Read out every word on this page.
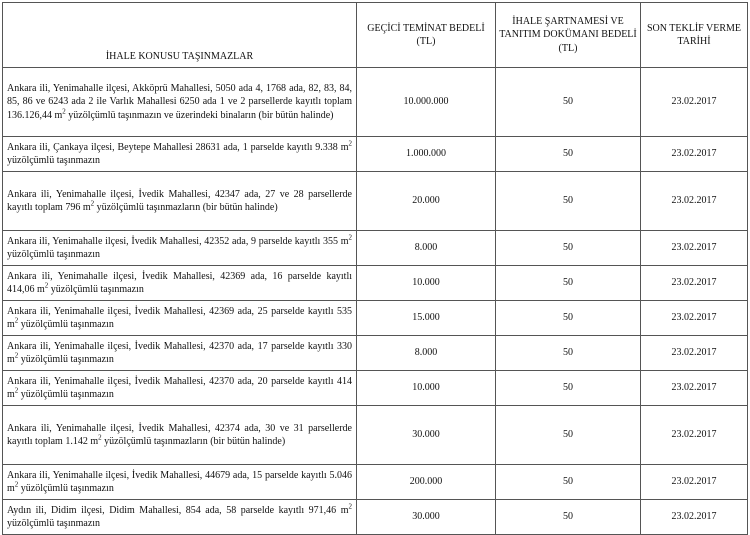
İHALE KONUSU TAŞINMAZLAR	GEÇİCİ TEMİNAT BEDELİ (TL)	İHALE ŞARTNAMESİ VE TANITIM DOKÜMANI BEDELİ (TL)	SON TEKLİF VERME TARİHİ
Ankara ili, Yenimahalle ilçesi, Akköprü Mahallesi, 5050 ada 4, 1768 ada, 82, 83, 84, 85, 86 ve 6243 ada 2 ile Varlık Mahallesi 6250 ada 1 ve 2 parsellerde kayıtlı toplam 136.126,44 $m^2$ yüzölçümlü taşınmazın ve üzerindeki binaların (bir bütün halinde)	10.000.000	50	23.02.2017
Ankara ili, Çankaya ilçesi, Beytepe Mahallesi 28631 ada, 1 parselde kayıtlı 9.338 $m^2$ yüzölçümlü taşınmazın	1.000.000	50	23.02.2017
Ankara ili, Yenimahalle ilçesi, İvedik Mahallesi, 42347 ada, 27 ve 28 parsellerde kayıtlı toplam 796 $m^2$ yüzölçümlü taşınmazların (bir bütün halinde)	20.000	50	23.02.2017
Ankara ili, Yenimahalle ilçesi, İvedik Mahallesi, 42352 ada, 9 parselde kayıtlı 355 $m^2$ yüzölçümlü taşınmazın	8.000	50	23.02.2017
Ankara ili, Yenimahalle ilçesi, İvedik Mahallesi, 42369 ada, 16 parselde kayıtlı 414,06 $m^2$ yüzölçümlü taşınmazın	10.000	50	23.02.2017
Ankara ili, Yenimahalle ilçesi, İvedik Mahallesi, 42369 ada, 25 parselde kayıtlı 535 $m^2$ yüzölçümlü taşınmazın	15.000	50	23.02.2017
Ankara ili, Yenimahalle ilçesi, İvedik Mahallesi, 42370 ada, 17 parselde kayıtlı 330 $m^2$ yüzölçümlü taşınmazın	8.000	50	23.02.2017
Ankara ili, Yenimahalle ilçesi, İvedik Mahallesi, 42370 ada, 20 parselde kayıtlı 414 $m^2$ yüzölçümlü taşınmazın	10.000	50	23.02.2017
Ankara ili, Yenimahalle ilçesi, İvedik Mahallesi, 42374 ada, 30 ve 31 parsellerde kayıtlı toplam 1.142 $m^2$ yüzölçümlü taşınmazların (bir bütün halinde)	30.000	50	23.02.2017
Ankara ili, Yenimahalle ilçesi, İvedik Mahallesi, 44679 ada, 15 parselde kayıtlı 5.046 $m^2$ yüzölçümlü taşınmazın	200.000	50	23.02.2017
Aydın ili, Didim ilçesi, Didim Mahallesi, 854 ada, 58 parselde kayıtlı 971,46 $m^2$ yüzölçümlü taşınmazın	30.000	50	23.02.2017
